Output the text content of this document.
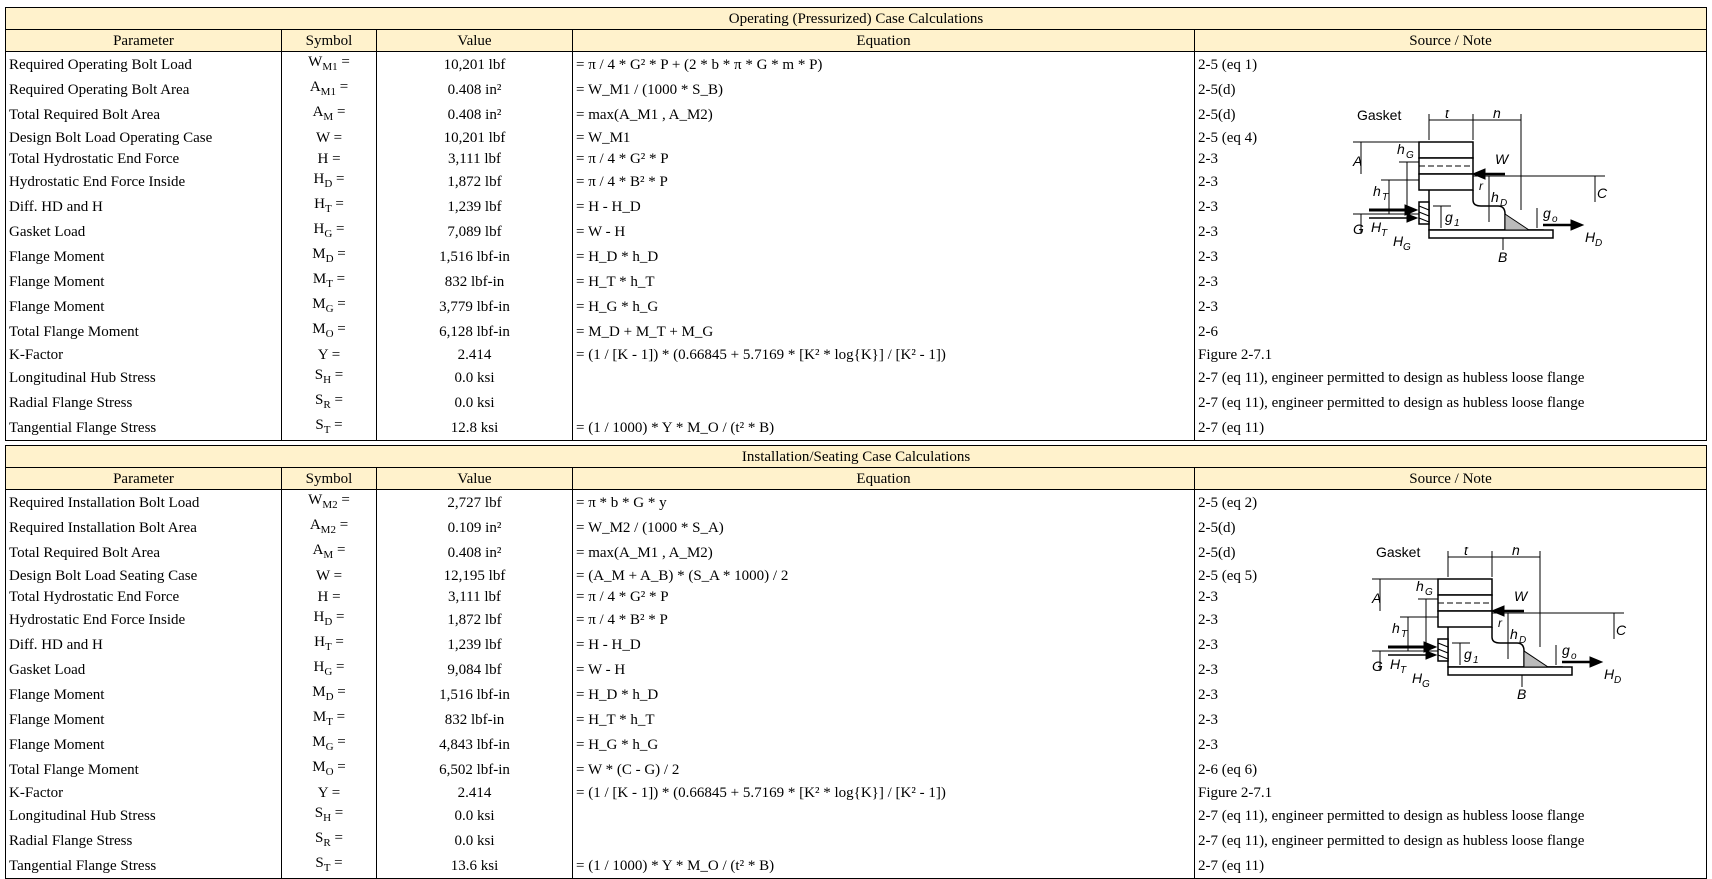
Operating (Pressurized) Case Calculations				
Parameter	Symbol	Value	Equation	Source / Note
Required Operating Bolt Load	$W_{M1}$ =	10,201 lbf	= π / 4 * G² * P + (2 * b * π * G * m * P)	2-5 (eq 1)
Required Operating Bolt Area	$A_{M1}$ =	0.408 in²	= W_M1 / (1000 * S_B)	2-5(d)
Total Required Bolt Area	$A_M$ =	0.408 in²	= max(A_M1 , A_M2)	2-5(d)
Design Bolt Load Operating Case	W =	10,201 lbf	= W_M1	2-5 (eq 4)
Total Hydrostatic End Force	H =	3,111 lbf	= π / 4 * G² * P	2-3
Hydrostatic End Force Inside	$H_D$ =	1,872 lbf	= π / 4 * B² * P	2-3
Diff. HD and H	$H_T$ =	1,239 lbf	= H - H_D	2-3
Gasket Load	$H_G$ =	7,089 lbf	= W - H	2-3
Flange Moment	$M_D$ =	1,516 lbf-in	= H_D * h_D	2-3
Flange Moment	$M_T$ =	832 lbf-in	= H_T * h_T	2-3
Flange Moment	$M_G$ =	3,779 lbf-in	= H_G * h_G	2-3
Total Flange Moment	$M_O$ =	6,128 lbf-in	= M_D + M_T + M_G	2-6
K-Factor	Y =	2.414	= (1 / [K - 1]) * (0.66845 + 5.7169 * [K² * log{K}] / [K² - 1])	Figure 2-7.1
Longitudinal Hub Stress	$S_H$ =	0.0 ksi		2-7 (eq 11), engineer permitted to design as hubless loose flange
Radial Flange Stress	$S_R$ =	0.0 ksi		2-7 (eq 11), engineer permitted to design as hubless loose flange
Tangential Flange Stress	$S_T$ =	12.8 ksi	= (1 / 1000) * Y * M_O / (t² * B)	2-7 (eq 11)
Installation/Seating Case Calculations				
Parameter	Symbol	Value	Equation	Source / Note
Required Installation Bolt Load	$W_{M2}$ =	2,727 lbf	= π * b * G * y	2-5 (eq 2)
Required Installation Bolt Area	$A_{M2}$ =	0.109 in²	= W_M2 / (1000 * S_A)	2-5(d)
Total Required Bolt Area	$A_M$ =	0.408 in²	= max(A_M1 , A_M2)	2-5(d)
Design Bolt Load Seating Case	W =	12,195 lbf	= (A_M + A_B) * (S_A * 1000) / 2	2-5 (eq 5)
Total Hydrostatic End Force	H =	3,111 lbf	= π / 4 * G² * P	2-3
Hydrostatic End Force Inside	$H_D$ =	1,872 lbf	= π / 4 * B² * P	2-3
Diff. HD and H	$H_T$ =	1,239 lbf	= H - H_D	2-3
Gasket Load	$H_G$ =	9,084 lbf	= W - H	2-3
Flange Moment	$M_D$ =	1,516 lbf-in	= H_D * h_D	2-3
Flange Moment	$M_T$ =	832 lbf-in	= H_T * h_T	2-3
Flange Moment	$M_G$ =	4,843 lbf-in	= H_G * h_G	2-3
Total Flange Moment	$M_O$ =	6,502 lbf-in	= W * (C - G) / 2	2-6 (eq 6)
K-Factor	Y =	2.414	= (1 / [K - 1]) * (0.66845 + 5.7169 * [K² * log{K}] / [K² - 1])	Figure 2-7.1
Longitudinal Hub Stress	$S_H$ =	0.0 ksi		2-7 (eq 11), engineer permitted to design as hubless loose flange
Radial Flange Stress	$S_R$ =	0.0 ksi		2-7 (eq 11), engineer permitted to design as hubless loose flange
Tangential Flange Stress	$S_T$ =	13.6 ksi	= (1 / 1000) * Y * M_O / (t² * B)	2-7 (eq 11)
Gasket	t	h
h G
A	W
r	C
h T	h D
g 1
g o
G H T H G
B
H D
Gasket	t	h
h G
A	W
r	C
h T	h D
g 1
g o
G H T H G
B
H D
